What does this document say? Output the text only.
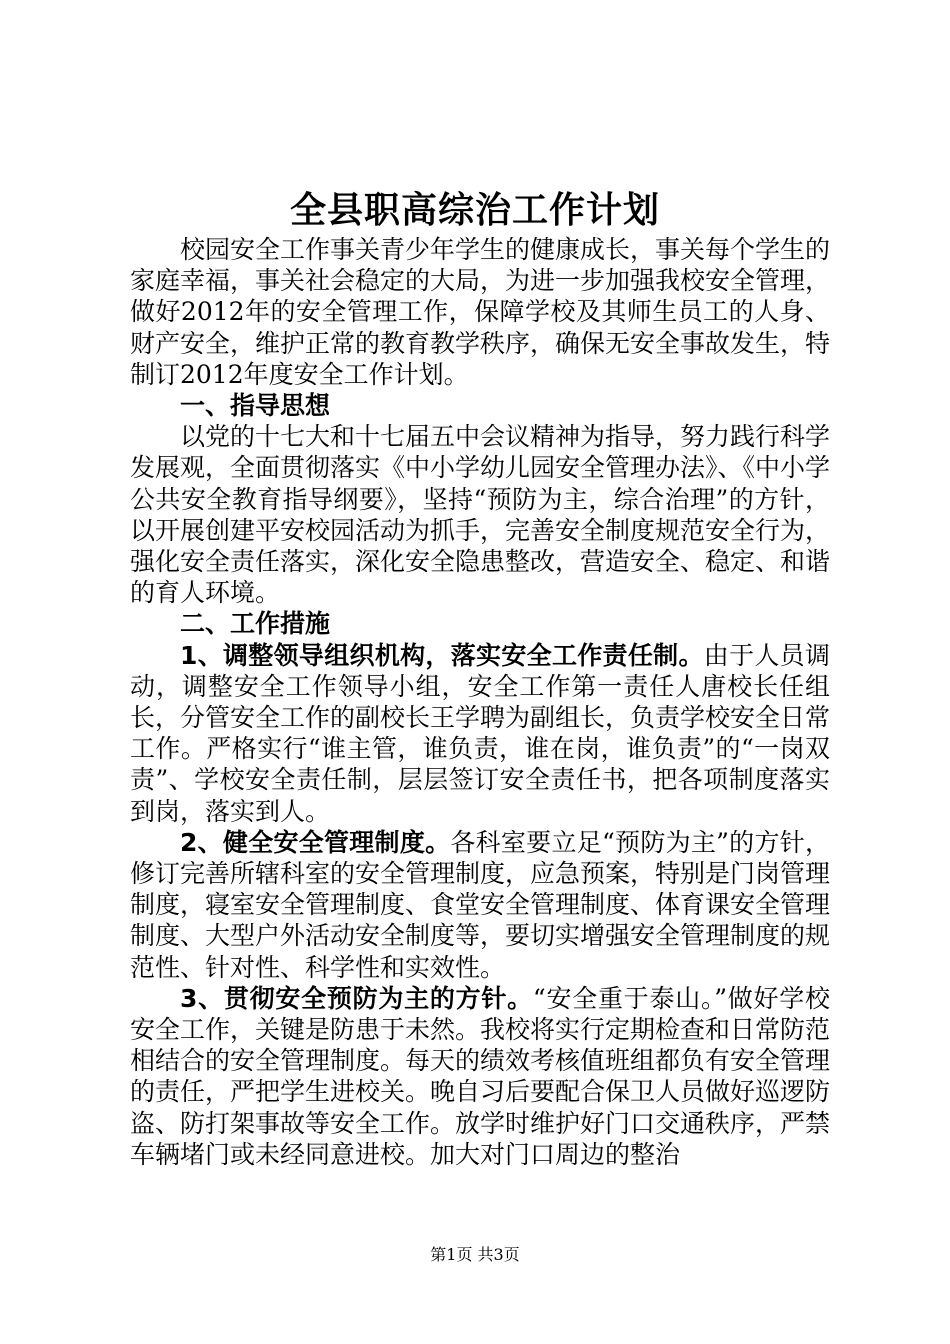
全县职高综治工作计划

校园安全工作事关青少年学生的健康成长，事关每个学生的家庭幸福，事关社会稳定的大局，为进一步加强我校安全管理，做好2012年的安全管理工作，保障学校及其师生员工的人身、财产安全，维护正常的教育教学秩序，确保无安全事故发生，特制订2012年度安全工作计划。

一、指导思想

以党的十七大和十七届五中会议精神为指导，努力践行科学发展观，全面贯彻落实《中小学幼儿园安全管理办法》、《中小学公共安全教育指导纲要》，坚持“预防为主，综合治理”的方针，以开展创建平安校园活动为抓手，完善安全制度规范安全行为，强化安全责任落实，深化安全隐患整改，营造安全、稳定、和谐的育人环境。

二、工作措施

1、调整领导组织机构，落实安全工作责任制。由于人员调动，调整安全工作领导小组，安全工作第一责任人唐校长任组长，分管安全工作的副校长王学聘为副组长，负责学校安全日常工作。严格实行“谁主管，谁负责，谁在岗，谁负责”的“一岗双责”、学校安全责任制，层层签订安全责任书，把各项制度落实到岗，落实到人。

2、健全安全管理制度。各科室要立足“预防为主”的方针，修订完善所辖科室的安全管理制度，应急预案，特别是门岗管理制度，寝室安全管理制度、食堂安全管理制度、体育课安全管理制度、大型户外活动安全制度等，要切实增强安全管理制度的规范性、针对性、科学性和实效性。

3、贯彻安全预防为主的方针。“安全重于泰山。”做好学校安全工作，关键是防患于未然。我校将实行定期检查和日常防范相结合的安全管理制度。每天的绩效考核值班组都负有安全管理的责任，严把学生进校关。晚自习后要配合保卫人员做好巡逻防盗、防打架事故等安全工作。放学时维护好门口交通秩序，严禁车辆堵门或未经同意进校。加大对门口周边的整治

第1页 共3页
